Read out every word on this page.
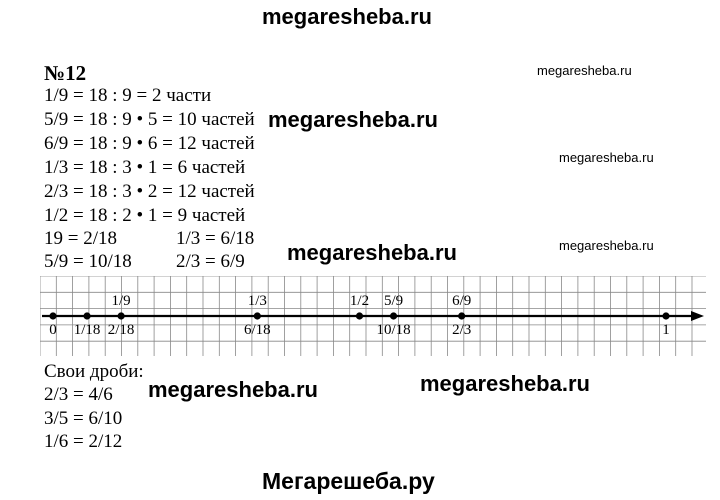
megaresheba.ru
№12
1/9 = 18 : 9 = 2 части
5/9 = 18 : 9 • 5 = 10 частей
6/9 = 18 : 9 • 6 = 12 частей
1/3 = 18 : 3 • 1 = 6 частей
2/3 = 18 : 3 • 2 = 12 частей
1/2 = 18 : 2 • 1 = 9 частей
19 = 2/18	1/3 = 6/18
5/9 = 10/18 2/3 = 6/9
0 1/18
1/9
2/18
1/3
6/18
1/2 5/9
10/18
6/9
2/3	1
Свои дроби:
2/3 = 4/6
3/5 = 6/10
1/6 = 2/12
megaresheba.ru
megaresheba.ru
megaresheba.ru
megaresheba.ru
megaresheba.ru
megaresheba.ru	megaresheba.ru
Мегарешеба.ру
